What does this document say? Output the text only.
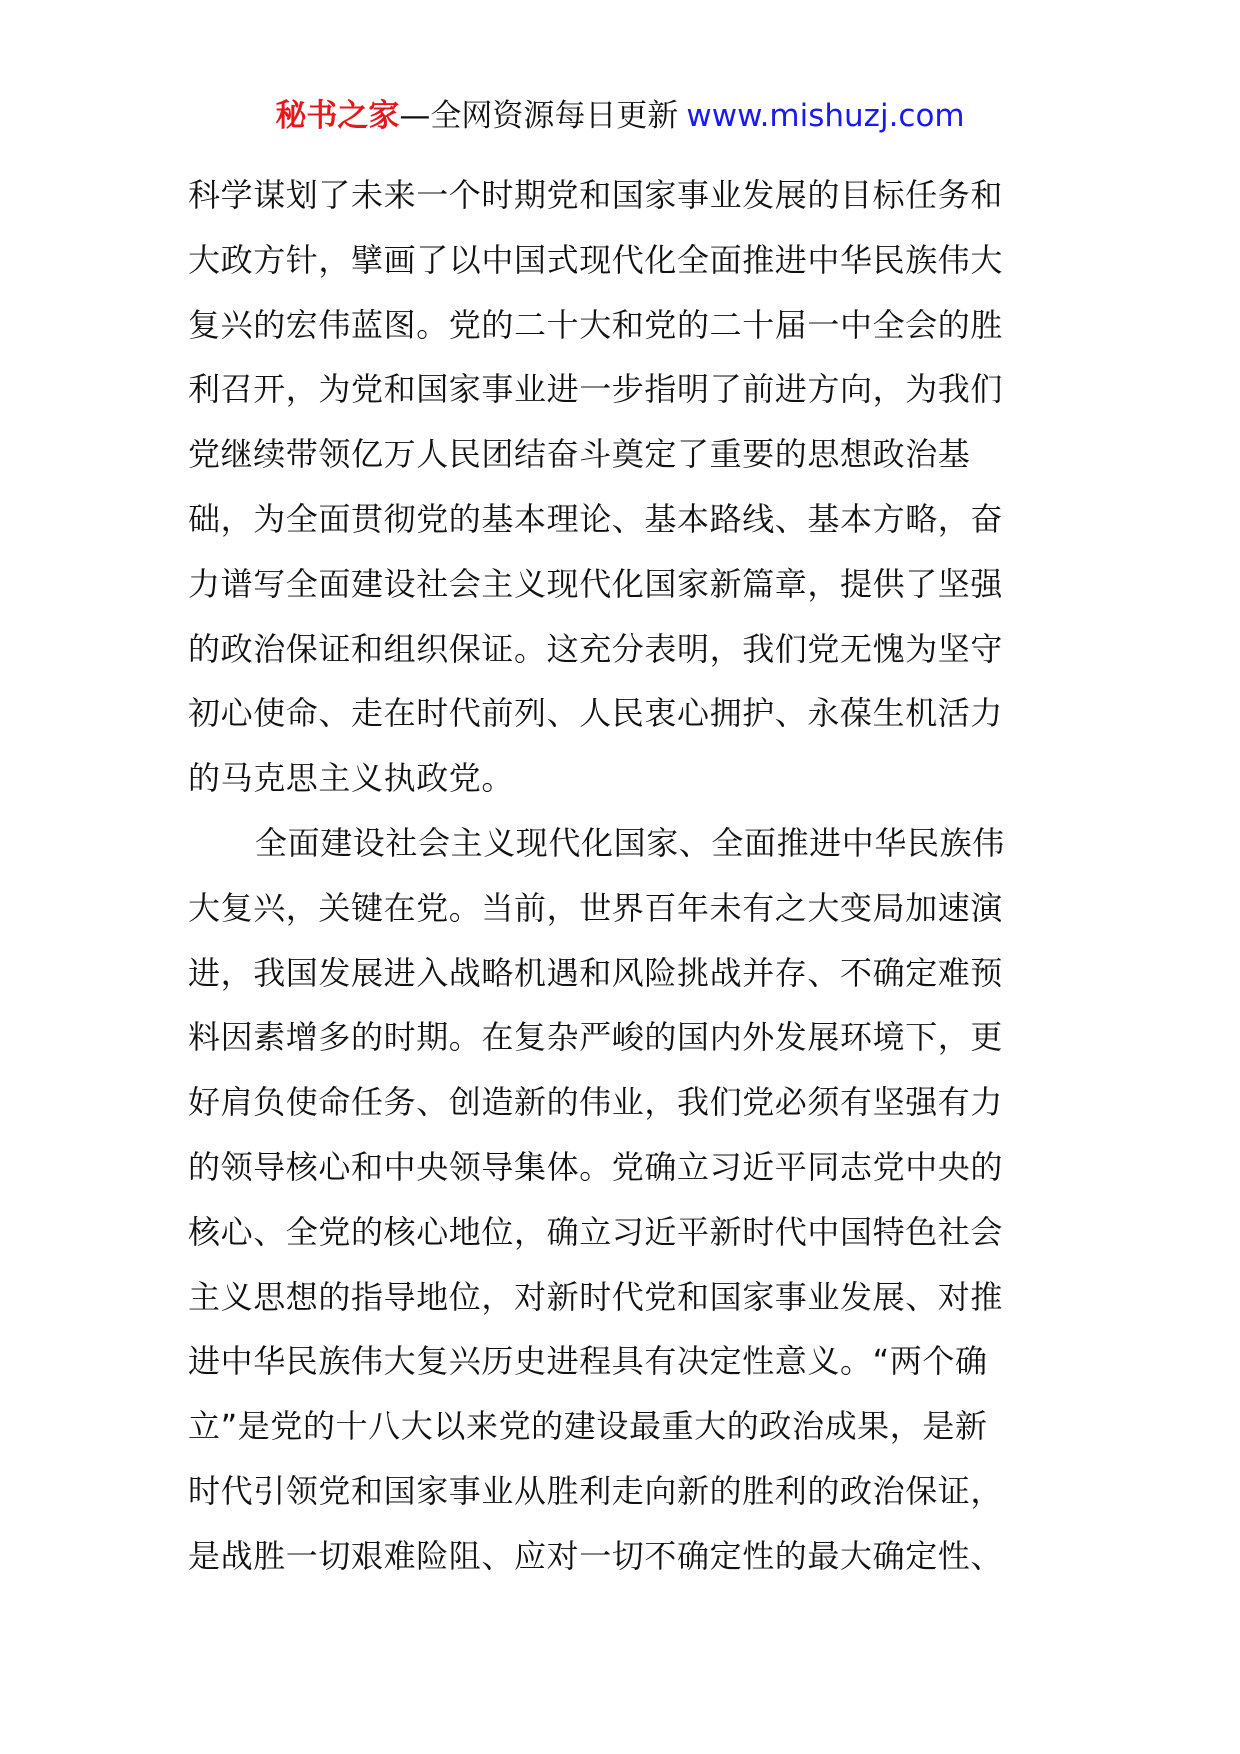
秘书之家—全网资源每日更新 www.mishuzj.com
科学谋划了未来一个时期党和国家事业发展的目标任务和
大政方针，擘画了以中国式现代化全面推进中华民族伟大
复兴的宏伟蓝图。党的二十大和党的二十届一中全会的胜
利召开，为党和国家事业进一步指明了前进方向，为我们
党继续带领亿万人民团结奋斗奠定了重要的思想政治基
础，为全面贯彻党的基本理论、基本路线、基本方略，奋
力谱写全面建设社会主义现代化国家新篇章，提供了坚强
的政治保证和组织保证。这充分表明，我们党无愧为坚守
初心使命、走在时代前列、人民衷心拥护、永葆生机活力
的马克思主义执政党。
全面建设社会主义现代化国家、全面推进中华民族伟
大复兴，关键在党。当前，世界百年未有之大变局加速演
进，我国发展进入战略机遇和风险挑战并存、不确定难预
料因素增多的时期。在复杂严峻的国内外发展环境下，更
好肩负使命任务、创造新的伟业，我们党必须有坚强有力
的领导核心和中央领导集体。党确立习近平同志党中央的
核心、全党的核心地位，确立习近平新时代中国特色社会
主义思想的指导地位，对新时代党和国家事业发展、对推
进中华民族伟大复兴历史进程具有决定性意义。“两个确
立”是党的十八大以来党的建设最重大的政治成果，是新
时代引领党和国家事业从胜利走向新的胜利的政治保证，
是战胜一切艰难险阻、应对一切不确定性的最大确定性、
